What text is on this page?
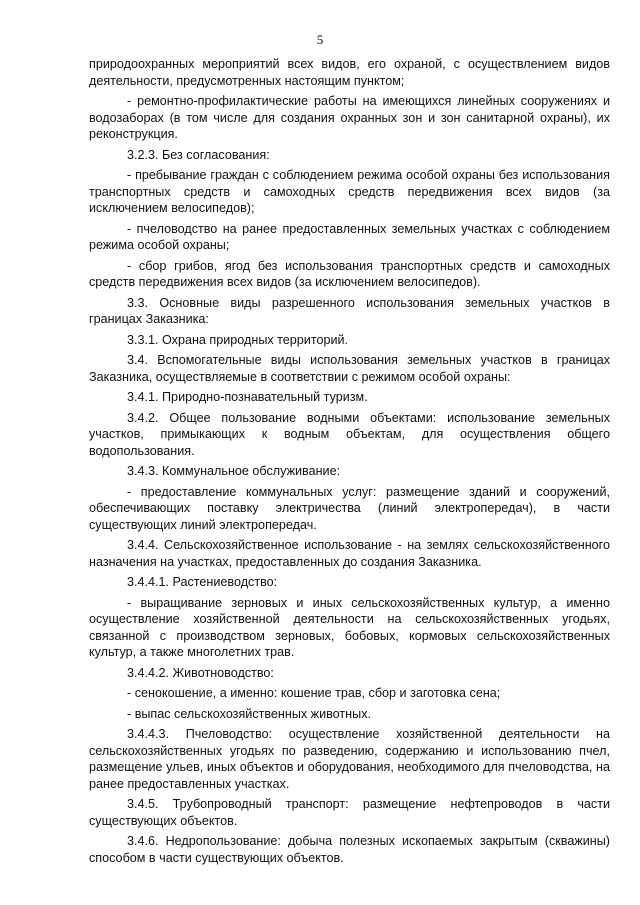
5

природоохранных мероприятий всех видов, его охраной, с осуществлением видов деятельности, предусмотренных настоящим пунктом;

- ремонтно-профилактические работы на имеющихся линейных сооружениях и водозаборах (в том числе для создания охранных зон и зон санитарной охраны), их реконструкция.

3.2.3. Без согласования:

- пребывание граждан с соблюдением режима особой охраны без использования транспортных средств и самоходных средств передвижения всех видов (за исключением велосипедов);

- пчеловодство на ранее предоставленных земельных участках с соблюдением режима особой охраны;

- сбор грибов, ягод без использования транспортных средств и самоходных средств передвижения всех видов (за исключением велосипедов).

3.3. Основные виды разрешенного использования земельных участков в границах Заказника:

3.3.1. Охрана природных территорий.

3.4. Вспомогательные виды использования земельных участков в границах Заказника, осуществляемые в соответствии с режимом особой охраны:

3.4.1. Природно-познавательный туризм.

3.4.2. Общее пользование водными объектами: использование земельных участков, примыкающих к водным объектам, для осуществления общего водопользования.

3.4.3. Коммунальное обслуживание:

- предоставление коммунальных услуг: размещение зданий и сооружений, обеспечивающих поставку электричества (линий электропередач), в части существующих линий электропередач.

3.4.4. Сельскохозяйственное использование - на землях сельскохозяйственного назначения на участках, предоставленных до создания Заказника.

3.4.4.1. Растениеводство:

- выращивание зерновых и иных сельскохозяйственных культур, а именно осуществление хозяйственной деятельности на сельскохозяйственных угодьях, связанной с производством зерновых, бобовых, кормовых сельскохозяйственных культур, а также многолетних трав.

3.4.4.2. Животноводство:

- сенокошение, а именно: кошение трав, сбор и заготовка сена;

- выпас сельскохозяйственных животных.

3.4.4.3. Пчеловодство: осуществление хозяйственной деятельности на сельскохозяйственных угодьях по разведению, содержанию и использованию пчел, размещение ульев, иных объектов и оборудования, необходимого для пчеловодства, на ранее предоставленных участках.

3.4.5. Трубопроводный транспорт: размещение нефтепроводов в части существующих объектов.

3.4.6. Недропользование: добыча полезных ископаемых закрытым (скважины) способом в части существующих объектов.
